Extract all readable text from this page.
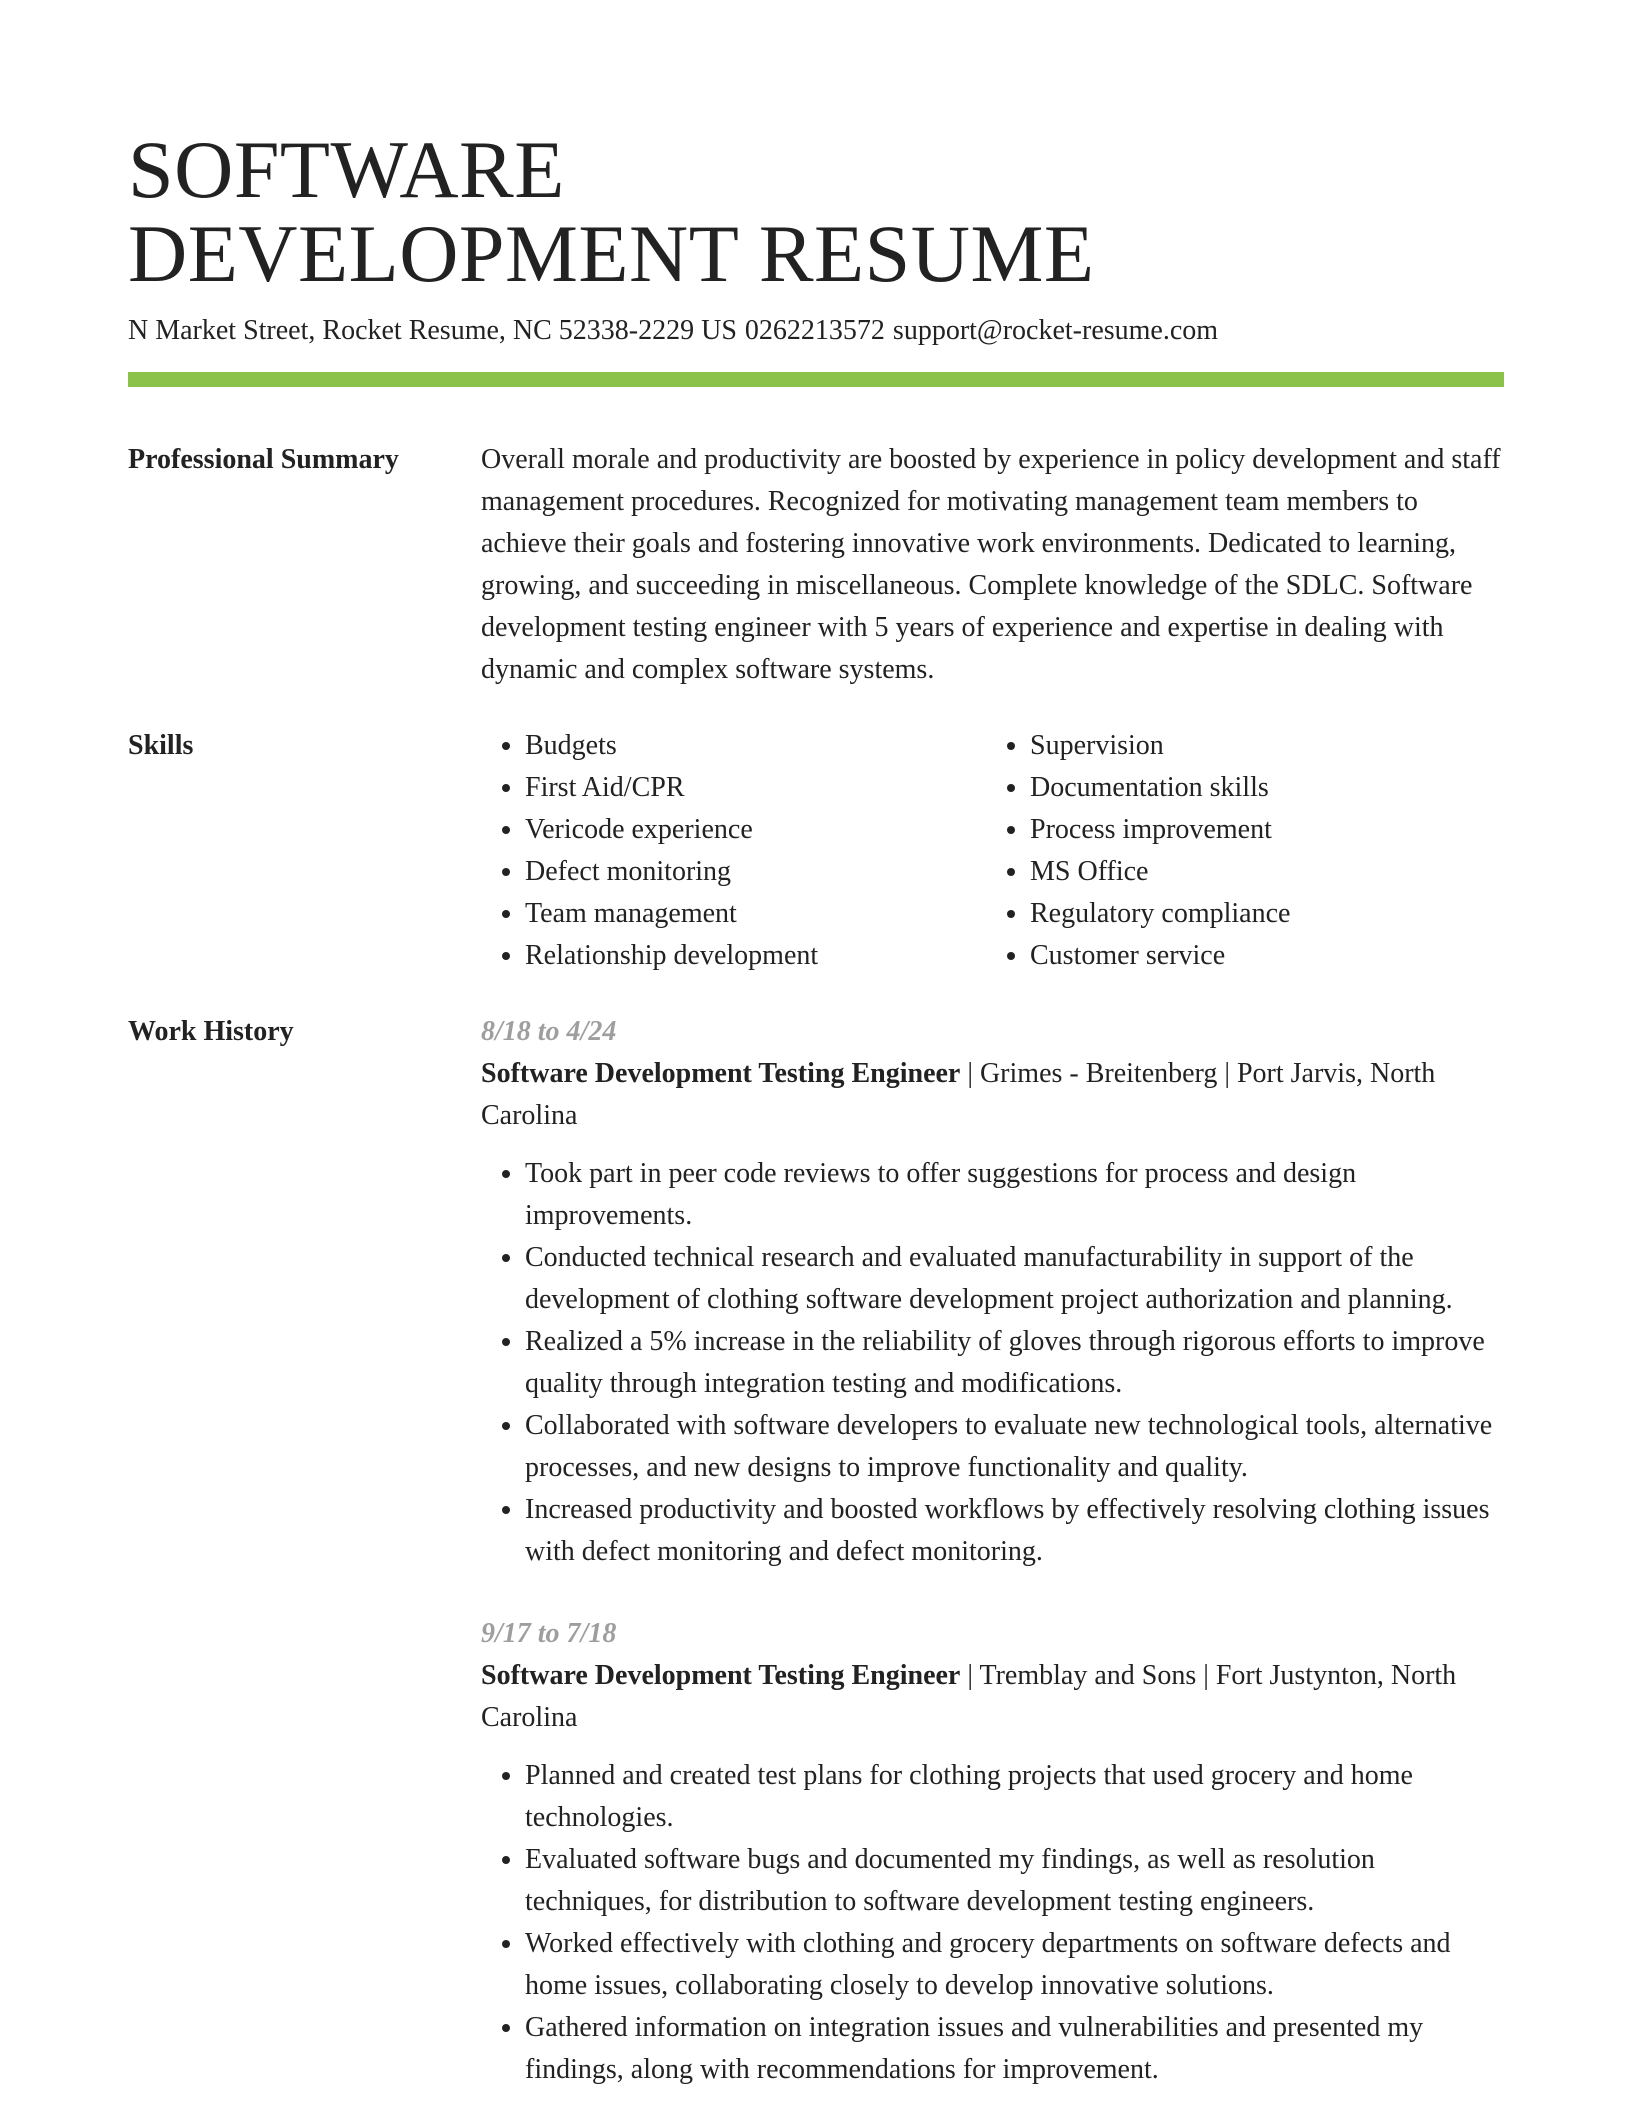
SOFTWARE
DEVELOPMENT RESUME
N Market Street, Rocket Resume, NC 52338-2229 US 0262213572 support@rocket-resume.com
Professional Summary	Overall morale and productivity are boosted by experience in policy development and staff management procedures. Recognized for motivating management team members to achieve their goals and fostering innovative work environments. Dedicated to learning, growing, and succeeding in miscellaneous. Complete knowledge of the SDLC. Software development testing engineer with 5 years of experience and expertise in dealing with dynamic and complex software systems.

Skills
•	Budgets
• First Aid/CPR
• Vericode experience
• Defect monitoring
• Team management
• Relationship development
• Supervision
• Documentation skills
• Process improvement
• MS Office
• Regulatory compliance
• Customer service
Work History	8/18 to 4/24
Software Development Testing Engineer | Grimes - Breitenberg | Port Jarvis, North Carolina
• Took part in peer code reviews to offer suggestions for process and design improvements.
• Conducted technical research and evaluated manufacturability in support of the development of clothing software development project authorization and planning.
• Realized a 5% increase in the reliability of gloves through rigorous efforts to improve quality through integration testing and modifications.
• Collaborated with software developers to evaluate new technological tools, alternative processes, and new designs to improve functionality and quality.
• Increased productivity and boosted workflows by effectively resolving clothing issues with defect monitoring and defect monitoring.
9/17 to 7/18
Software Development Testing Engineer | Tremblay and Sons | Fort Justynton, North Carolina
• Planned and created test plans for clothing projects that used grocery and home technologies.
• Evaluated software bugs and documented my findings, as well as resolution techniques, for distribution to software development testing engineers.
• Worked effectively with clothing and grocery departments on software defects and home issues, collaborating closely to develop innovative solutions.
• Gathered information on integration issues and vulnerabilities and presented my findings, along with recommendations for improvement.
